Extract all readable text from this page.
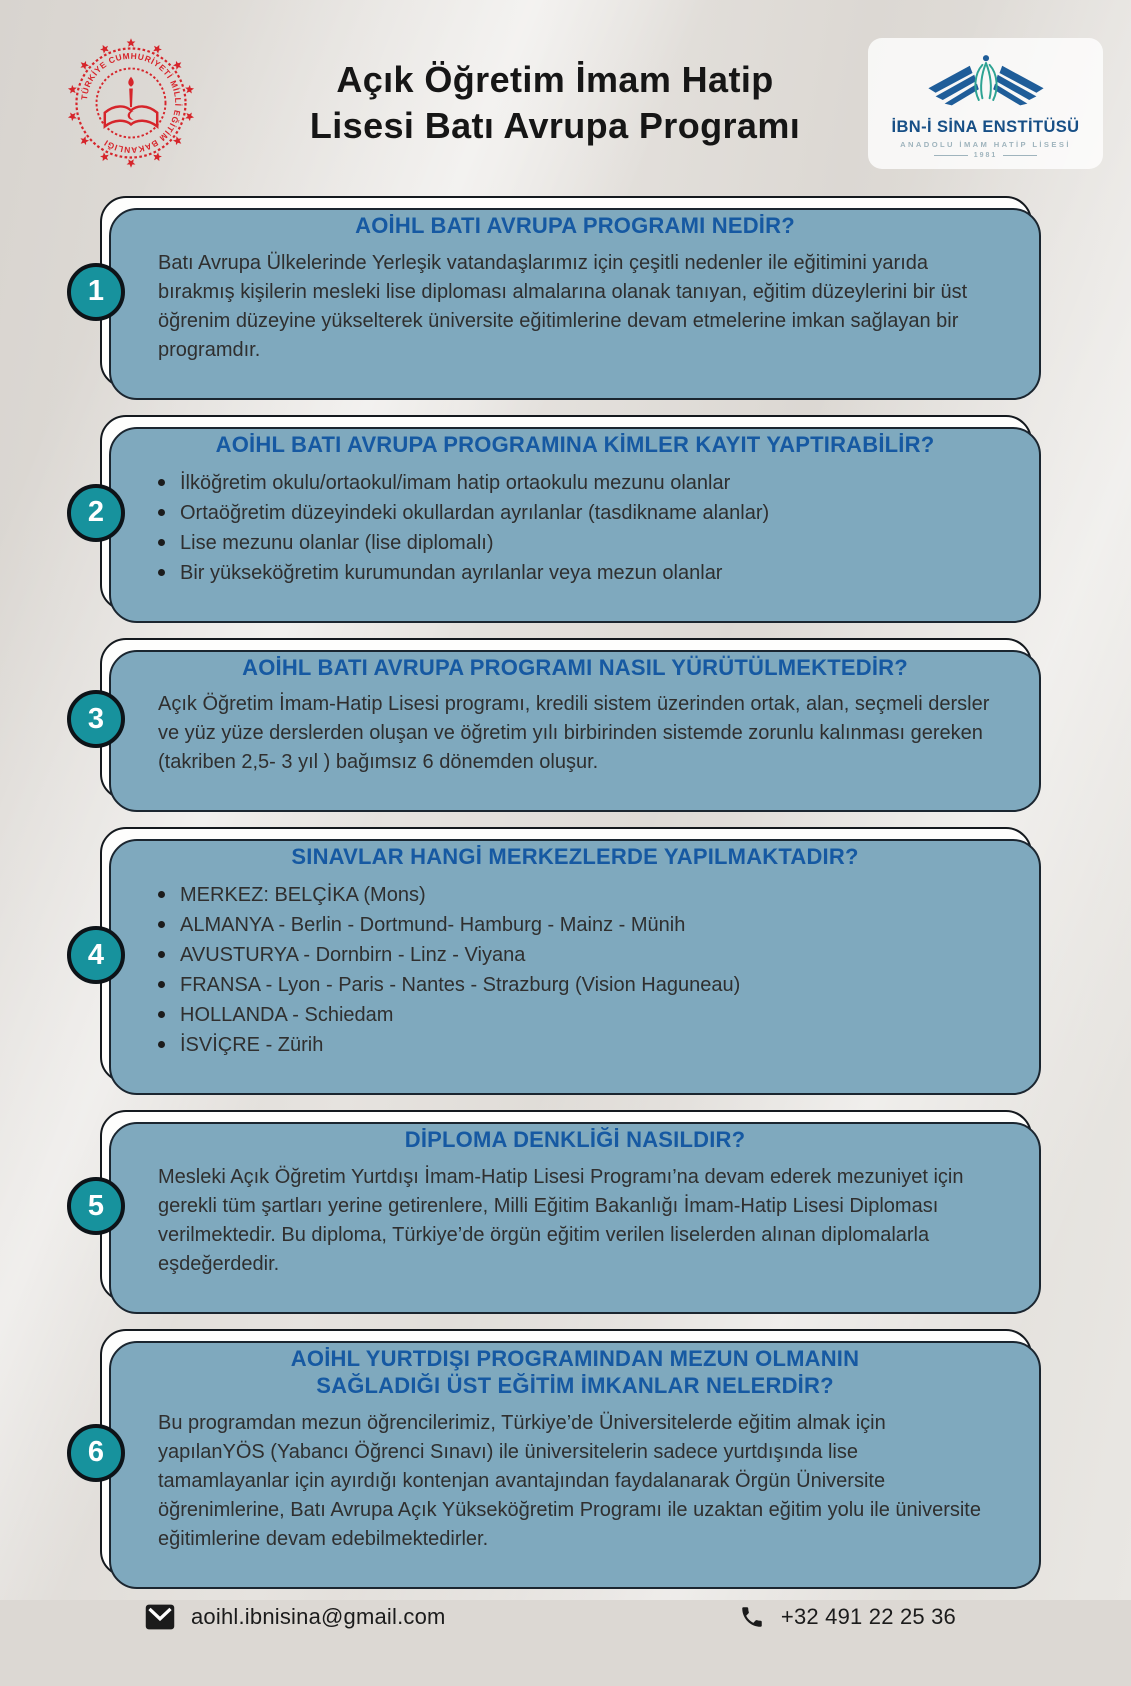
TÜRKİYE CUMHURİYETİ MİLLİ EĞİTİM BAKANLIĞI
Açık Öğretim İmam Hatip
Lisesi Batı Avrupa Programı	İBN-İ SİNA ENSTİTÜSÜ
ANADOLU İMAM HATİP LİSESİ
1981
1
AOİHL BATI AVRUPA PROGRAMI NEDİR?

Batı Avrupa Ülkelerinde Yerleşik vatandaşlarımız için çeşitli nedenler ile eğitimini yarıda bırakmış kişilerin mesleki lise diploması almalarına olanak tanıyan, eğitim düzeylerini bir üst öğrenim düzeyine yükselterek üniversite eğitimlerine devam etmelerine imkan sağlayan bir programdır.

2
AOİHL BATI AVRUPA PROGRAMINA KİMLER KAYIT YAPTIRABİLİR?
İlköğretim okulu/ortaokul/imam hatip ortaokulu mezunu olanlar
Ortaöğretim düzeyindeki okullardan ayrılanlar (tasdikname alanlar)
Lise mezunu olanlar (lise diplomalı)
Bir yükseköğretim kurumundan ayrılanlar veya mezun olanlar
3
AOİHL BATI AVRUPA PROGRAMI NASIL YÜRÜTÜLMEKTEDİR?

Açık Öğretim İmam-Hatip Lisesi programı, kredili sistem üzerinden ortak, alan, seçmeli dersler ve yüz yüze derslerden oluşan ve öğretim yılı birbirinden sistemde zorunlu kalınması gereken (takriben 2,5- 3 yıl ) bağımsız 6 dönemden oluşur.

4
SINAVLAR HANGİ MERKEZLERDE YAPILMAKTADIR?
MERKEZ: BELÇİKA (Mons)
ALMANYA - Berlin - Dortmund- Hamburg - Mainz - Münih
AVUSTURYA - Dornbirn - Linz - Viyana
FRANSA - Lyon - Paris - Nantes - Strazburg (Vision Haguneau)
HOLLANDA - Schiedam
İSVİÇRE - Zürih
5
DİPLOMA DENKLİĞİ NASILDIR?

Mesleki Açık Öğretim Yurtdışı İmam-Hatip Lisesi Programı’na devam ederek mezuniyet için gerekli tüm şartları yerine getirenlere, Milli Eğitim Bakanlığı İmam-Hatip Lisesi Diploması verilmektedir. Bu diploma, Türkiye’de örgün eğitim verilen liselerden alınan diplomalarla eşdeğerdedir.

6
AOİHL YURTDIŞI PROGRAMINDAN MEZUN OLMANIN SAĞLADIĞI ÜST EĞİTİM İMKANLAR NELERDİR?

Bu programdan mezun öğrencilerimiz, Türkiye’de Üniversitelerde eğitim almak için yapılanYÖS (Yabancı Öğrenci Sınavı) ile üniversitelerin sadece yurtdışında lise tamamlayanlar için ayırdığı kontenjan avantajından faydalanarak Örgün Üniversite öğrenimlerine, Batı Avrupa Açık Yükseköğretim Programı ile uzaktan eğitim yolu ile üniversite eğitimlerine devam edebilmektedirler.

aoihl.ibnisina@gmail.com	+32 491 22 25 36
